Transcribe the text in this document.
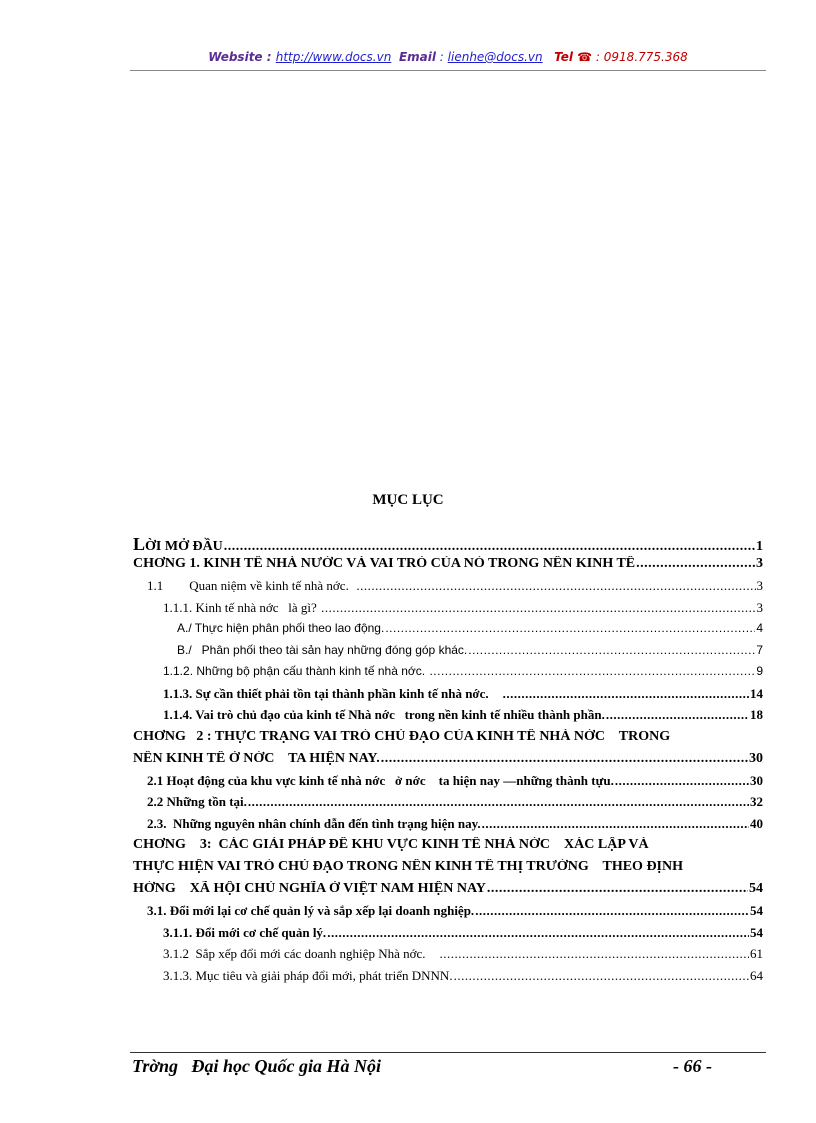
Website : http://www.docs.vn Email : lienhe@docs.vn Tel ☎ : 0918.775.368
MỤC LỤC
LỜI MỞ ĐẦU .....	1
CHƠNG 1. KINH TẾ NHÀ NƯỚC VÀ VAI TRÒ CỦA NÓ TRONG NỀN KINH TẾ .....	3
1.1        Quan niệm về kinh tế nhà nớc. .....	3
1.1.1. Kinh tế nhà nớc   là gì? .....	3
A./ Thực hiện phân phối theo lao động. .....	4
B./   Phân phối theo tài sản hay những đóng góp khác. .....	7
1.1.2. Những bộ phận cấu thành kinh tế nhà nớc. .....	9
1.1.3. Sự cần thiết phải tồn tại thành phần kinh tế nhà nớc. .....	14
1.1.4. Vai trò chủ đạo của kinh tế Nhà nớc   trong nền kinh tế nhiều thành phần. .....	18
CHƠNG   2 : THỰC TRẠNG VAI TRÒ CHỦ ĐẠO CỦA KINH TẾ NHÀ NỚC    TRONG
NỀN KINH TẾ Ở NỚC    TA HIỆN NAY. .....	30
2.1 Hoạt động của khu vực kinh tế nhà nớc   ở nớc    ta hiện nay —những thành tựu. .....	30
2.2 Những tồn tại. .....	32
2.3.  Những nguyên nhân chính dẫn đến tình trạng hiện nay. .....	40
CHƠNG    3:  CÁC GIẢI PHÁP ĐỂ KHU VỰC KINH TẾ NHÀ NỚC    XÁC LẬP VÀ
THỰC HIỆN VAI TRÒ CHỦ ĐẠO TRONG NỀN KINH TẾ THỊ TRƯỜNG    THEO ĐỊNH
HỚNG    XÃ HỘI CHỦ NGHĨA Ở VIỆT NAM HIỆN NAY .....	54
3.1. Đổi mới lại cơ chế quản lý và sắp xếp lại doanh nghiệp. .....	54
3.1.1. Đổi mới cơ chế quản lý. .....	54
3.1.2  Sắp xếp đổi mới các doanh nghiệp Nhà nớc. .....	61
3.1.3. Mục tiêu và giải pháp đổi mới, phát triển DNNN. .....	64
Trờng   Đại học Quốc gia Hà Nội	- 66 -
